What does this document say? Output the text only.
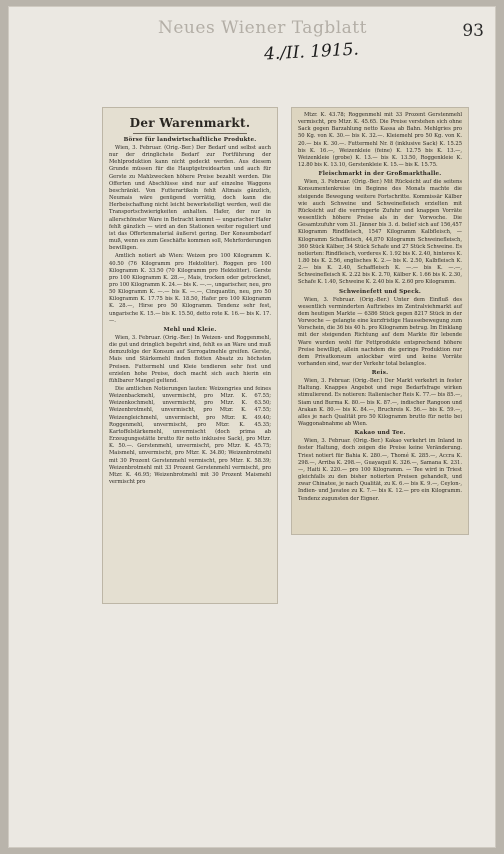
Neues Wiener Tagblatt	93
4./II. 1915.
Der Warenmarkt.
Börse für landwirtschaftliche Produkte.

Wien, 3. Februar. (Orig.-Ber.) Der Bedarf und selbst auch nur der dringlichste Bedarf zur Fortführung der Mehlproduktion kann nicht gedeckt werden. Aus diesem Grunde müssen für die Hauptgetreidearten und auch für Gerste zu Mahlzwecken höhere Preise bezahlt werden. Die Offerten und Abschlüsse sind nur auf einzelne Waggons beschränkt. Von Futterartikeln fehlt Altmais gänzlich, Neumais wäre genügend vorrätig, doch kann die Herbeischaffung nicht leicht bewerkstelligt werden, weil die Transportschwierigkeiten anhalten. Hafer, der nur in allerschönster Ware in Betracht kommt — ungarischer Hafer fehlt gänzlich — wird an den Stationen weiter reguliert und ist das Offertenmaterial äußerst gering. Der Konsumbedarf muß, wenn es zum Geschäfte kommen soll, Mehrforderungen bewilligen.

Amtlich notiert ab Wien: Weizen pro 100 Kilogramm K. 40.50 (76 Kilogramm pro Hektoliter). Roggen pro 100 Kilogramm K. 33.50 (70 Kilogramm pro Hektoliter). Gerste pro 100 Kilogramm K. 28.—, Mais, trocken oder getrocknet, pro 100 Kilogramm K. 24.— bis K. —.—, ungarischer, neu, pro 50 Kilogramm K. —.— bis K. —.—, Cinquantin, neu, pro 50 Kilogramm K. 17.75 bis K. 18.50, Hafer pro 100 Kilogramm K. 28.—, Hirse pro 50 Kilogramm. Tendenz sehr fest, ungarische K. 15.— bis K. 15.50, detto rote K. 16.— bis K. 17.—.

Mehl und Kleie.

Wien, 3. Februar. (Orig.-Ber.) In Weizen- und Roggenmehl, die gut und dringlich begehrt sind, fehlt es an Ware und muß demzufolge der Konsum auf Surrogatmehle greifen. Gerste, Mais und Stärkemehl finden flotten Absatz zu höchsten Preisen. Futtermehl und Kleie tendieren sehr fest und erzielen hohe Preise, doch macht sich auch hierin ein fühlbarer Mangel geltend.

Die amtlichen Notierungen lauten: Weizengries und feines Weizenbackmehl, unvermischt, pro Mtzr. K. 67.55; Weizenkochmehl, unvermischt, pro Mtzr. K. 63.50; Weizenbrotmehl, unvermischt, pro Mtzr. K. 47.55; Weizengleichmehl, unvermischt, pro Mtzr. K. 49.40; Roggenmehl, unvermischt, pro Mtzr. K. 45.35; Kartoffelstärkemehl, unvermischt (doch prima ab Erzeugungsstätte brutto für netto inklusive Sack), pro Mtzr. K. 50.—. Gerstenmehl, unvermischt, pro Mtzr. K. 45.75; Maismehl, unvermischt, pro Mtzr. K. 34.80; Weizenbrotmehl mit 30 Prozent Gerstenmehl vermischt, pro Mtzr. K. 58.39; Weizenbrotmehl mit 33 Prozent Gerstenmehl vermischt, pro Mtzr. K. 46.95; Weizenbrotmehl mit 30 Prozent Maismehl vermischt pro

Mtzr. K. 43.78; Roggenmehl mit 33 Prozent Gerstenmehl vermischt, pro Mtzr. K. 45.65. Die Preise verstehen sich ohne Sack gegen Barzahlung netto Kassa ab Bahn. Mehlgries pro 50 Kg. von K. 30.— bis K. 32.—. Kleiemehl pro 50 Kg. von K. 20.— bis K. 30.—. Futtermehl Nr. 8 (inklusive Sack) K. 15.25 bis K. 16.—, Weizenkleie (feine) K. 12.75 bis K. 13.—, Weizenkleie (grobe) K. 13.— bis K. 13.50, Roggenkleie K. 12.80 bis K. 13.10, Gerstenkleie K. 15.— bis K. 15.75.

Fleischmarkt in der Großmarkthalle.

Wien, 3. Februar. (Orig.-Ber.) Mit Rücksicht auf die seitens Konsumentenkreise im Beginne des Monats machte die steigende Bewegung weitere Fortschritte. Kommissär Kälber wie auch Schweine und Schweinefleisch erzielten mit Rücksicht auf die verringerte Zufuhr und knappen Vorräte wesentlich höhere Preise als in der Vorwoche. Die Gesamtzufuhr vom 31. Jänner bis 3. d. belief sich auf 156,457 Kilogramm Rindfleisch, 1547 Kilogramm Kalbfleisch, — Kilogramm Schaffleisch, 44,870 Kilogramm Schweinefleisch, 360 Stück Kälber, 34 Stück Schafe und 27 Stück Schweine. Es notierten: Rindfleisch, vorderes K. 1.92 bis K. 2.40, hinteres K. 1.80 bis K. 2.56, englisches K. 2.— bis K. 2.50, Kalbfleisch K. 2.— bis K. 2.40, Schaffleisch K. —.— bis K. —.—, Schweinefleisch K. 2.22 bis K. 2.70, Kälber K. 1.66 bis K. 2.30, Schafe K. 1.40, Schweine K. 2.40 bis K. 2.60 pro Kilogramm.

Schweinefett und Speck.

Wien, 3. Februar. (Orig.-Ber.) Unter dem Einfluß des wesentlich verminderten Auftriebes im Zentralviehmarkt auf dem heutigen Markte — 6386 Stück gegen 8217 Stück in der Vorwoche — gelangte eine kurzfristige Haussebewegung zum Vorschein, die 36 bis 40 h. pro Kilogramm betrug. Im Einklang mit der steigenden Richtung auf dem Markte für lebende Ware wurden wohl für Fettprodukte entsprechend höhere Preise bewilligt, allein nachdem die geringe Produktion nur dem Privatkonsum anlockbar wird und keine Vorräte vorhanden sind, war der Verkehr total belanglos.

Reis.

Wien, 3. Februar. (Orig.-Ber.) Der Markt verkehrt in fester Haltung. Knappes Angebot und rege Bedarfsfrage wirken stimulierend. Es notieren: Italienischer Reis K. 77.— bis 85.—, Siam und Burma K. 80.— bis K. 87.—, indischer Rangoon und Arakan K. 80.— bis K. 84.—, Bruchreis K. 56.— bis K. 59.—, alles je nach Qualität pro 50 Kilogramm brutto für netto bei Waggonabnahme ab Wien.

Kakao und Tee.

Wien, 3. Februar. (Orig.-Ber.) Kakao verkehrt im Inland in fester Haltung, doch zeigen die Preise keine Veränderung. Triest notiert für Bahia K. 280.—, Thomé K. 285.—, Accra K. 298.—, Arriba K. 298.—, Guayaquil K. 326.—, Samana K. 231.—, Haiti K. 220.— pro 100 Kilogramm. — Tee wird in Triest gleichfalls zu den bisher notierten Preisen gehandelt, und zwar Chinatee, je nach Qualität, zu K. 6.— bis K. 9.—, Ceylon-, Indien- und Javatee zu K. 7.— bis K. 12.— pro ein Kilogramm. Tendenz zugunsten der Eigner.
